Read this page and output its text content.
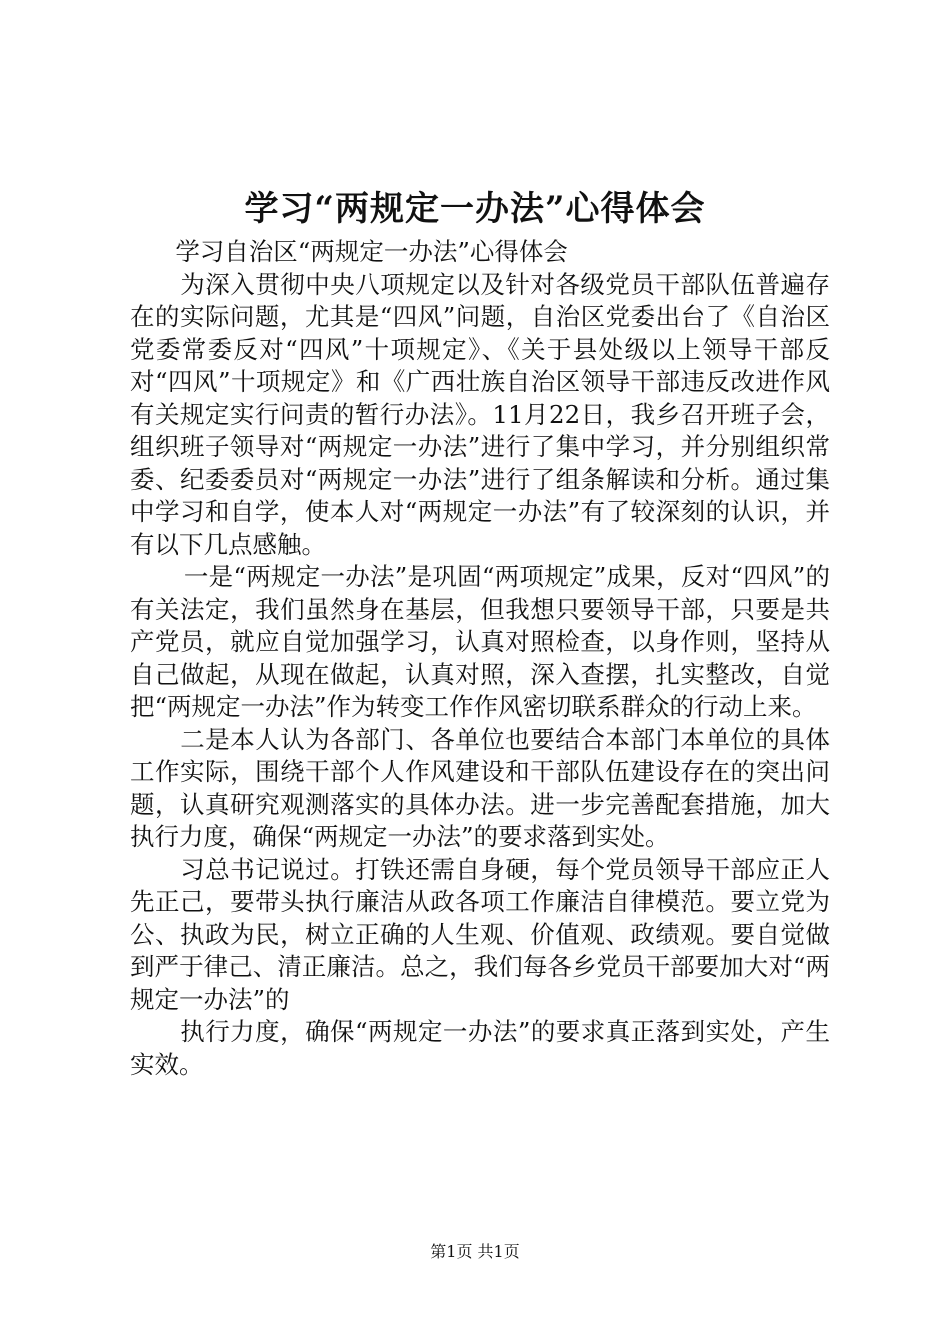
学习“两规定一办法”心得体会

学习自治区“两规定一办法”心得体会

为深入贯彻中央八项规定以及针对各级党员干部队伍普遍存在的实际问题，尤其是“四风”问题，自治区党委出台了《自治区党委常委反对“四风”十项规定》、《关于县处级以上领导干部反对“四风”十项规定》和《广西壮族自治区领导干部违反改进作风有关规定实行问责的暂行办法》。11月22日，我乡召开班子会，组织班子领导对“两规定一办法”进行了集中学习，并分别组织常委、纪委委员对“两规定一办法”进行了组条解读和分析。通过集中学习和自学，使本人对“两规定一办法”有了较深刻的认识，并有以下几点感触。

一是“两规定一办法”是巩固“两项规定”成果，反对“四风”的有关法定，我们虽然身在基层，但我想只要领导干部，只要是共产党员，就应自觉加强学习，认真对照检查，以身作则，坚持从自己做起，从现在做起，认真对照，深入查摆，扎实整改，自觉把“两规定一办法”作为转变工作作风密切联系群众的行动上来。

二是本人认为各部门、各单位也要结合本部门本单位的具体工作实际，围绕干部个人作风建设和干部队伍建设存在的突出问题，认真研究观测落实的具体办法。进一步完善配套措施，加大执行力度，确保“两规定一办法”的要求落到实处。

习总书记说过。打铁还需自身硬，每个党员领导干部应正人先正己，要带头执行廉洁从政各项工作廉洁自律模范。要立党为公、执政为民，树立正确的人生观、价值观、政绩观。要自觉做到严于律己、清正廉洁。总之，我们每各乡党员干部要加大对“两规定一办法”的

执行力度，确保“两规定一办法”的要求真正落到实处，产生实效。

第1页 共1页
